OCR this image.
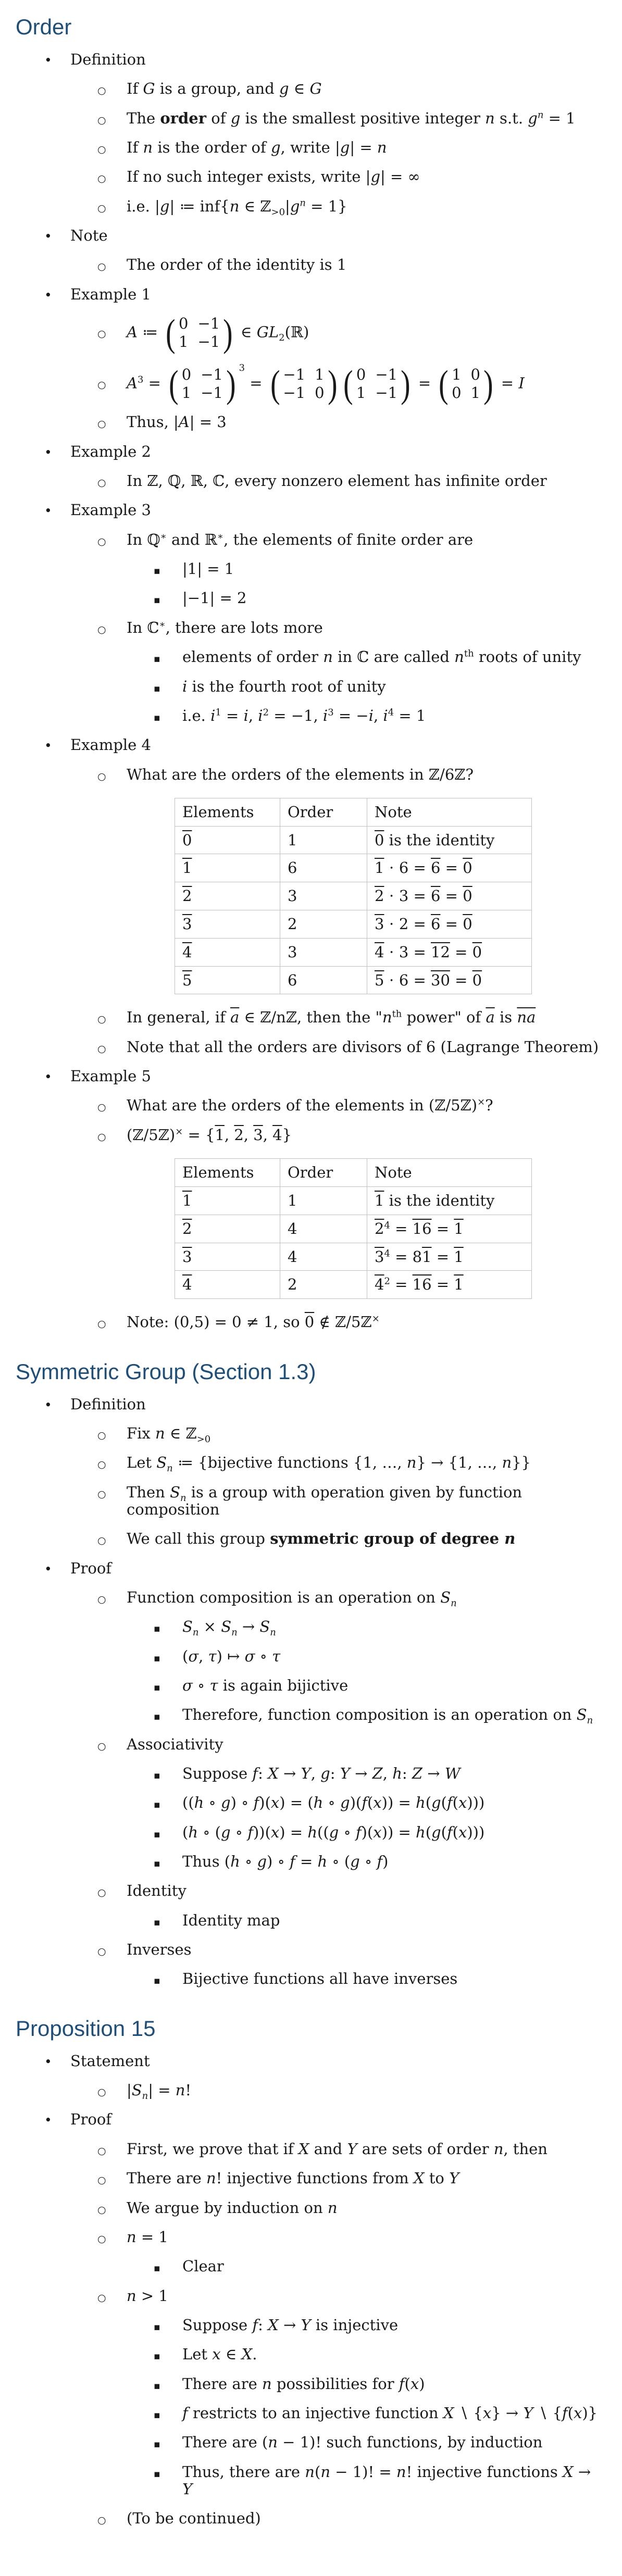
Order
•	Definition
○	If G is a group, and g ∈ G
○	The order of g is the smallest positive integer n s.t. $g^n = 1$
○	If n is the order of g, write |g| = n
○	If no such integer exists, write |g| = ∞
○	i.e. |g| ≔ inf{n ∈ $ℤ_{>0}|g^n = 1$}
•	Note
○	The order of the identity is 1
•	Example 1
○	A ≔ ( 0 −1
1 −1 ) ∈ $GL_2(ℝ)$
○	$A^3$ = ( 0 −1
1 −1 ) $^3$ = ( −1 1
−1 0 ) ( 0 −1
1 −1 ) = ( 1 0
0 1 ) = I
○	Thus, |A| = 3
•	Example 2
○	In ℤ, ℚ, ℝ, ℂ, every nonzero element has infinite order
•	Example 3
○	In ℚ∗ and ℝ∗, the elements of finite order are
▪	|1| = 1
▪	|−1| = 2
○	In ℂ∗, there are lots more
▪	elements of order n in ℂ are called $n^{th}$ roots of unity
▪	i is the fourth root of unity
▪	i.e. $i^1 = i$, $i^2 = -1$, $i^3 = -i$, $i^4 = 1$
•	Example 4
○	What are the orders of the elements in ℤ/6ℤ?
Elements	Order	Note
0	1	0 is the identity
1	6	1 ⋅ 6 = 6 = 0
2	3	2 ⋅ 3 = 6 = 0
3	2	3 ⋅ 2 = 6 = 0
4	3	4 ⋅ 3 = 12 = 0
5	6	5 ⋅ 6 = 30 = 0
○	In general, if $\overline{a}$ ∈ ℤ/nℤ, then the "$n^{th}$ power" of $\overline{a}$ is $\overline{na}$
○	Note that all the orders are divisors of 6 (Lagrange Theorem)
•	Example 5
○	What are the orders of the elements in (ℤ/5ℤ)×?
○	(ℤ/5ℤ)× = {1, 2, 3, 4}
Elements	Order	Note
1	1	1 is the identity
2	4	$2^4 = 16 = 1$
3	4	$3^4 = 81 = 1$
4	2	$4^2 = 16 = 1$
○	Note: (0,5) = 0 ≠ 1, so 0 ∉ ℤ/5ℤ×
Symmetric Group (Section 1.3)
•	Definition
○	Fix n ∈ ℤ$_{>0}$
○	Let $S_n$ ≔ {bijective functions {1, …, n} → {1, …, n}}
○	Then $S_n$ is a group with operation given by function composition
○	We call this group symmetric group of degree n
•	Proof
○	Function composition is an operation on $S_n$
▪	$S_n \times S_n \to S_n$
▪	(σ, τ) ↦ σ ∘ τ
▪	σ ∘ τ is again bijictive
▪	Therefore, function composition is an operation on $S_n$
○	Associativity
▪	Suppose f: X → Y, g: Y → Z, h: Z → W
▪	((h ∘ g) ∘ f)(x) = (h ∘ g)(f(x)) = h(g(f(x)))
▪	(h ∘ (g ∘ f))(x) = h((g ∘ f)(x)) = h(g(f(x)))
▪	Thus (h ∘ g) ∘ f = h ∘ (g ∘ f)
○	Identity
▪	Identity map
○	Inverses
▪	Bijective functions all have inverses
Proposition 15
•	Statement
○	$|S_n| = n$!
•	Proof
○	First, we prove that if X and Y are sets of order n, then
○	There are n! injective functions from X to Y
○	We argue by induction on n
○	n = 1
▪	Clear
○	n > 1
▪	Suppose f: X → Y is injective
▪	Let x ∈ X.
▪	There are n possibilities for f(x)
▪	f restricts to an injective function X ∖ {x} → Y ∖ {f(x)}
▪	There are (n − 1)! such functions, by induction
▪	Thus, there are n(n − 1)! = n! injective functions X → Y
○	(To be continued)
